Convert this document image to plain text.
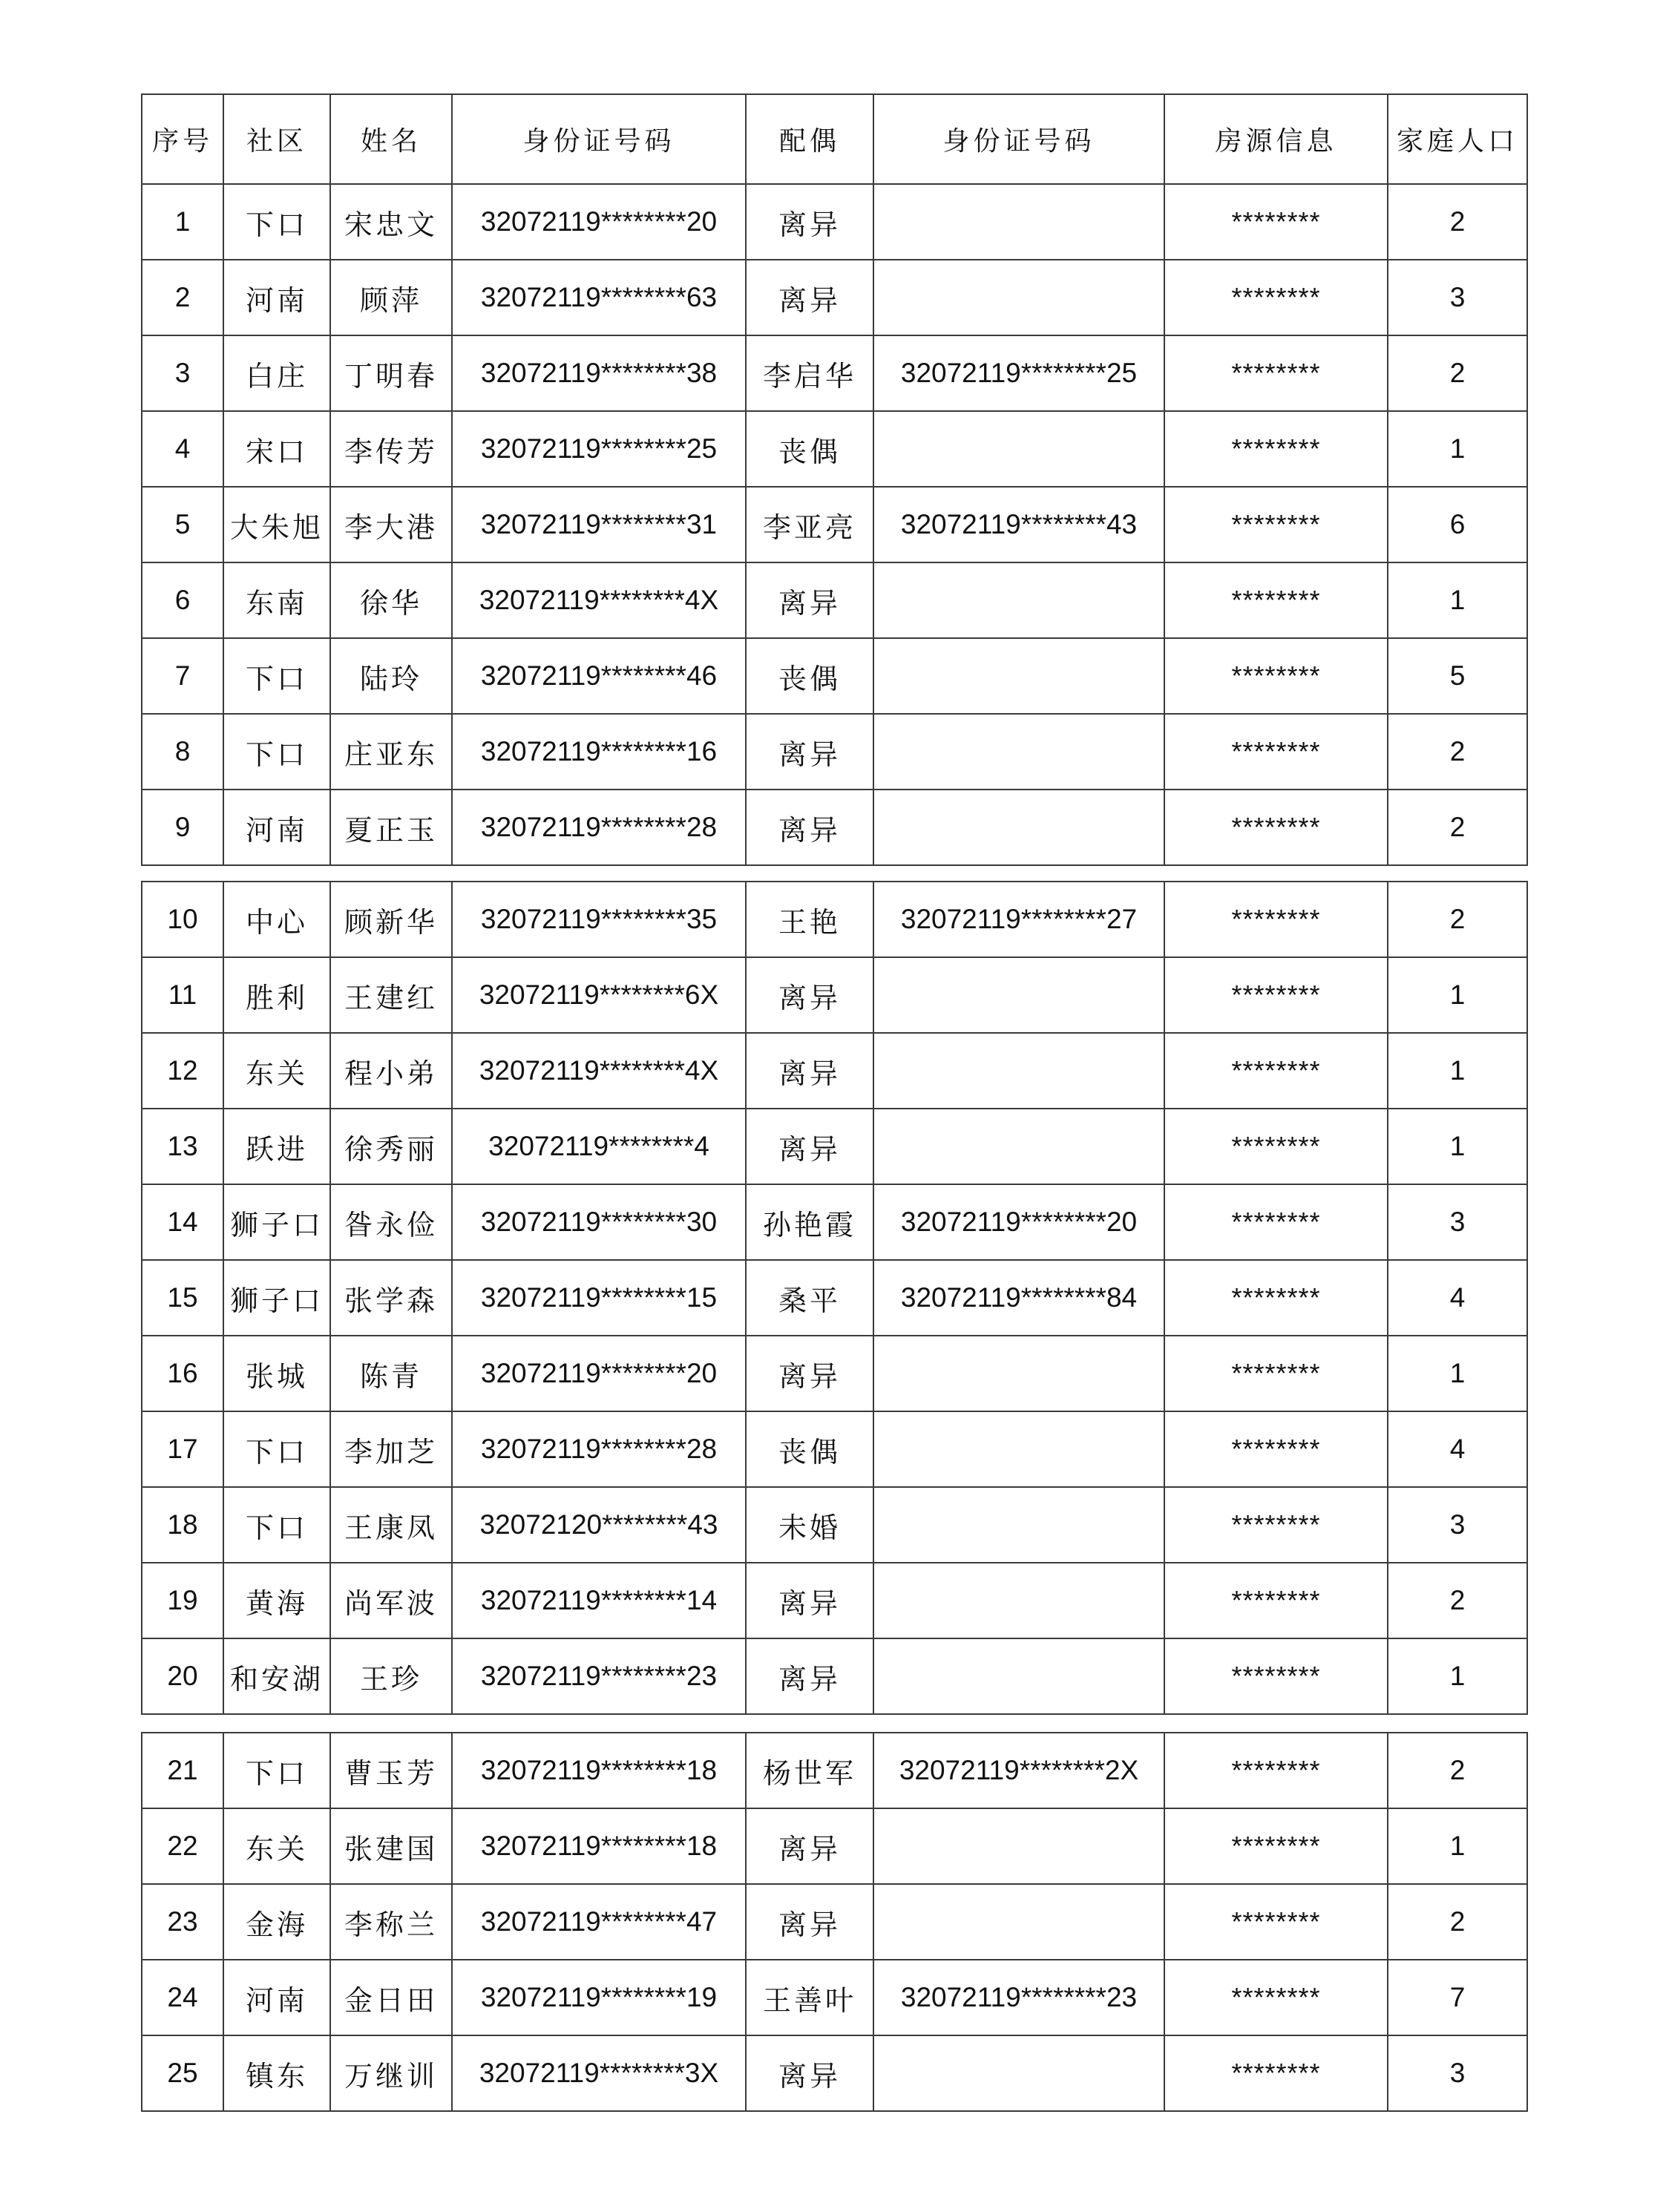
序号	社区	姓名	身份证号码	配偶	身份证号码	房源信息	家庭人口
1	下口	宋忠文	32072119********20	离异		********	2
2	河南	顾萍	32072119********63	离异		********	3
3	白庄	丁明春	32072119********38	李启华	32072119********25	********	2
4	宋口	李传芳	32072119********25	丧偶		********	1
5	大朱旭	李大港	32072119********31	李亚亮	32072119********43	********	6
6	东南	徐华	32072119********4X	离异		********	1
7	下口	陆玲	32072119********46	丧偶		********	5
8	下口	庄亚东	32072119********16	离异		********	2
9	河南	夏正玉	32072119********28	离异		********	2
10	中心	顾新华	32072119********35	王艳	32072119********27	********	2
11	胜利	王建红	32072119********6X	离异		********	1
12	东关	程小弟	32072119********4X	离异		********	1
13	跃进	徐秀丽	32072119********4	离异		********	1
14	狮子口	昝永俭	32072119********30	孙艳霞	32072119********20	********	3
15	狮子口	张学森	32072119********15	桑平	32072119********84	********	4
16	张城	陈青	32072119********20	离异		********	1
17	下口	李加芝	32072119********28	丧偶		********	4
18	下口	王康凤	32072120********43	未婚		********	3
19	黄海	尚军波	32072119********14	离异		********	2
20	和安湖	王珍	32072119********23	离异		********	1
21	下口	曹玉芳	32072119********18	杨世军	32072119********2X	********	2
22	东关	张建国	32072119********18	离异		********	1
23	金海	李称兰	32072119********47	离异		********	2
24	河南	金日田	32072119********19	王善叶	32072119********23	********	7
25	镇东	万继训	32072119********3X	离异		********	3
